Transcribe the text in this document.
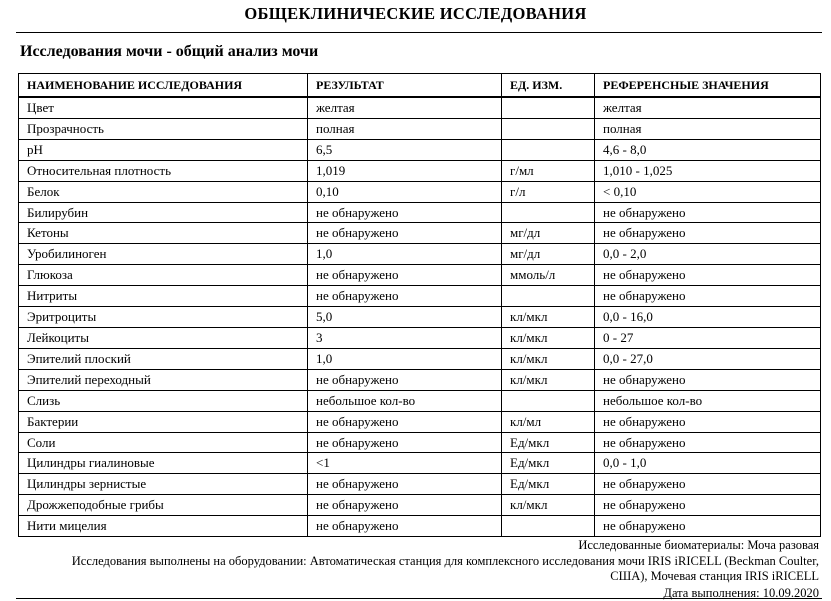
ОБЩЕКЛИНИЧЕСКИЕ ИССЛЕДОВАНИЯ
Исследования мочи - общий анализ мочи
НАИМЕНОВАНИЕ ИССЛЕДОВАНИЯ	РЕЗУЛЬТАТ	ЕД. ИЗМ.	РЕФЕРЕНСНЫЕ ЗНАЧЕНИЯ
Цвет	желтая		желтая
Прозрачность	полная		полная
pH	6,5		4,6 - 8,0
Относительная плотность	1,019	г/мл	1,010 - 1,025
Белок	0,10	г/л	< 0,10
Билирубин	не обнаружено		не обнаружено
Кетоны	не обнаружено	мг/дл	не обнаружено
Уробилиноген	1,0	мг/дл	0,0 - 2,0
Глюкоза	не обнаружено	ммоль/л	не обнаружено
Нитриты	не обнаружено		не обнаружено
Эритроциты	5,0	кл/мкл	0,0 - 16,0
Лейкоциты	3	кл/мкл	0 - 27
Эпителий плоский	1,0	кл/мкл	0,0 - 27,0
Эпителий переходный	не обнаружено	кл/мкл	не обнаружено
Слизь	небольшое кол-во		небольшое кол-во
Бактерии	не обнаружено	кл/мл	не обнаружено
Соли	не обнаружено	Ед/мкл	не обнаружено
Цилиндры гиалиновые	<1	Ед/мкл	0,0 - 1,0
Цилиндры зернистые	не обнаружено	Ед/мкл	не обнаружено
Дрожжеподобные грибы	не обнаружено	кл/мкл	не обнаружено
Нити мицелия	не обнаружено		не обнаружено
Исследованные биоматериалы: Моча разовая
Исследования выполнены на оборудовании: Автоматическая станция для комплексного исследования мочи IRIS iRICELL (Beckman Coulter,
США), Мочевая станция IRIS iRICELL
Дата выполнения: 10.09.2020
